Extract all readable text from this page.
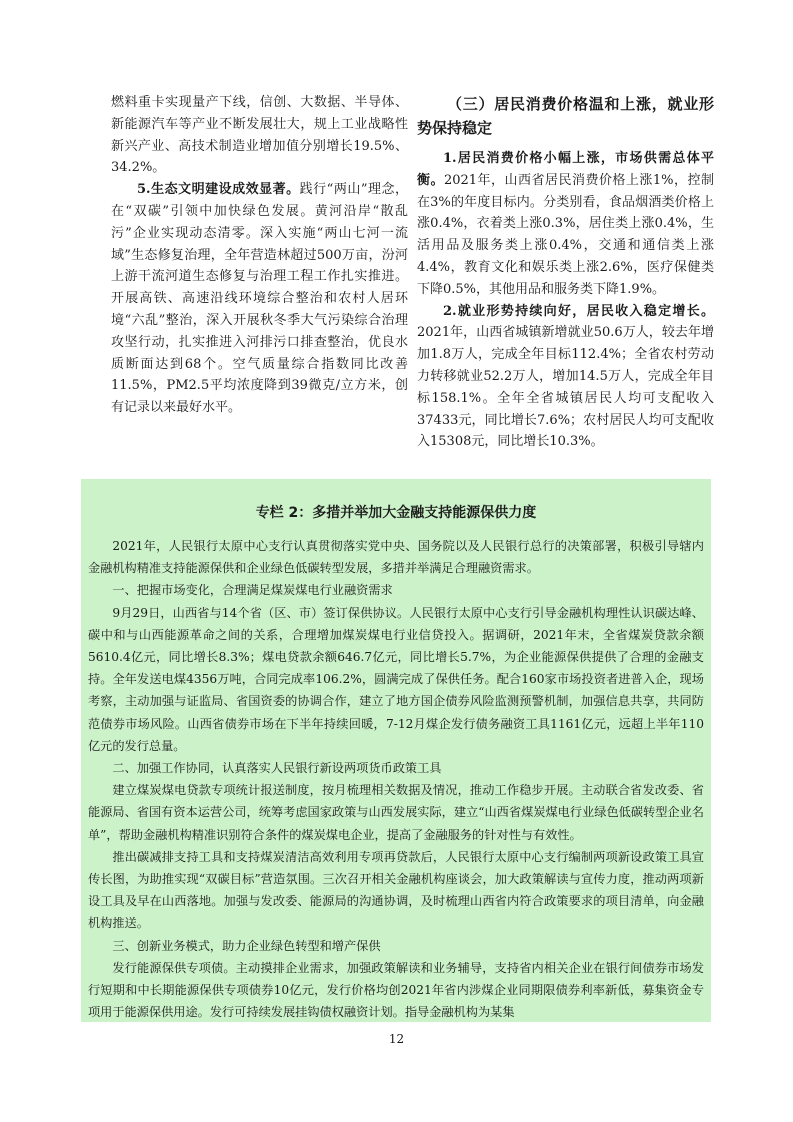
燃料重卡实现量产下线，信创、大数据、半导体、新能源汽车等产业不断发展壮大，规上工业战略性新兴产业、高技术制造业增加值分别增长19.5%、34.2%。

5.生态文明建设成效显著。践行“两山”理念，在“双碳”引领中加快绿色发展。黄河沿岸“散乱污”企业实现动态清零。深入实施“两山七河一流域”生态修复治理，全年营造林超过500万亩，汾河上游干流河道生态修复与治理工程工作扎实推进。开展高铁、高速沿线环境综合整治和农村人居环境“六乱”整治，深入开展秋冬季大气污染综合治理攻坚行动，扎实推进入河排污口排查整治，优良水质断面达到68个。空气质量综合指数同比改善11.5%，PM2.5平均浓度降到39微克/立方米，创有记录以来最好水平。

（三）居民消费价格温和上涨，就业形势保持稳定

1.居民消费价格小幅上涨，市场供需总体平衡。2021年，山西省居民消费价格上涨1%，控制在3%的年度目标内。分类别看，食品烟酒类价格上涨0.4%，衣着类上涨0.3%，居住类上涨0.4%，生活用品及服务类上涨0.4%，交通和通信类上涨4.4%，教育文化和娱乐类上涨2.6%，医疗保健类下降0.5%，其他用品和服务类下降1.9%。

2.就业形势持续向好，居民收入稳定增长。2021年，山西省城镇新增就业50.6万人，较去年增加1.8万人，完成全年目标112.4%；全省农村劳动力转移就业52.2万人，增加14.5万人，完成全年目标158.1%。全年全省城镇居民人均可支配收入37433元，同比增长7.6%；农村居民人均可支配收入15308元，同比增长10.3%。

专栏 2：多措并举加大金融支持能源保供力度

2021年，人民银行太原中心支行认真贯彻落实党中央、国务院以及人民银行总行的决策部署，积极引导辖内金融机构精准支持能源保供和企业绿色低碳转型发展，多措并举满足合理融资需求。

一、把握市场变化，合理满足煤炭煤电行业融资需求

9月29日，山西省与14个省（区、市）签订保供协议。人民银行太原中心支行引导金融机构理性认识碳达峰、碳中和与山西能源革命之间的关系，合理增加煤炭煤电行业信贷投入。据调研，2021年末，全省煤炭贷款余额5610.4亿元，同比增长8.3%；煤电贷款余额646.7亿元，同比增长5.7%，为企业能源保供提供了合理的金融支持。全年发送电煤4356万吨，合同完成率106.2%，圆满完成了保供任务。配合160家市场投资者进普入企，现场考察，主动加强与证监局、省国资委的协调合作，建立了地方国企债券风险监测预警机制，加强信息共享，共同防范债券市场风险。山西省债券市场在下半年持续回暖，7-12月煤企发行债务融资工具1161亿元，远超上半年110亿元的发行总量。

二、加强工作协同，认真落实人民银行新设两项货币政策工具

建立煤炭煤电贷款专项统计报送制度，按月梳理相关数据及情况，推动工作稳步开展。主动联合省发改委、省能源局、省国有资本运营公司，统筹考虑国家政策与山西发展实际，建立“山西省煤炭煤电行业绿色低碳转型企业名单”，帮助金融机构精准识别符合条件的煤炭煤电企业，提高了金融服务的针对性与有效性。

推出碳减排支持工具和支持煤炭清洁高效利用专项再贷款后，人民银行太原中心支行编制两项新设政策工具宣传长图，为助推实现“双碳目标”营造氛围。三次召开相关金融机构座谈会，加大政策解读与宣传力度，推动两项新设工具及早在山西落地。加强与发改委、能源局的沟通协调，及时梳理山西省内符合政策要求的项目清单，向金融机构推送。

三、创新业务模式，助力企业绿色转型和增产保供

发行能源保供专项债。主动摸排企业需求，加强政策解读和业务辅导，支持省内相关企业在银行间债券市场发行短期和中长期能源保供专项债券10亿元，发行价格均创2021年省内涉煤企业同期限债券利率新低，募集资金专项用于能源保供用途。发行可持续发展挂钩债权融资计划。指导金融机构为某集

12
